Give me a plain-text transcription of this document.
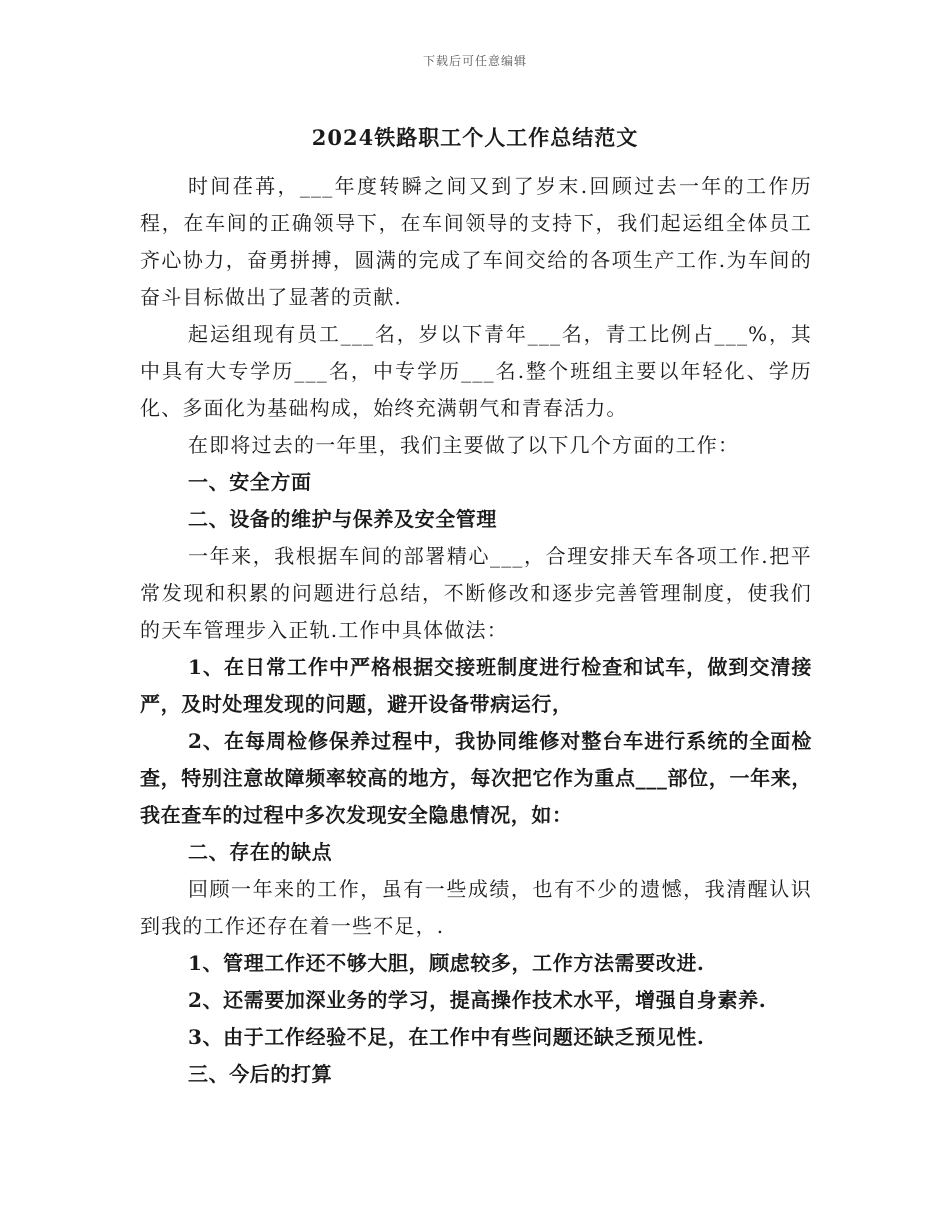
下载后可任意编辑
2024铁路职工个人工作总结范文

时间荏苒，___年度转瞬之间又到了岁末.回顾过去一年的工作历程，在车间的正确领导下，在车间领导的支持下，我们起运组全体员工齐心协力，奋勇拼搏，圆满的完成了车间交给的各项生产工作.为车间的奋斗目标做出了显著的贡献.

起运组现有员工___名，岁以下青年___名，青工比例占___%，其中具有大专学历___名，中专学历___名.整个班组主要以年轻化、学历化、多面化为基础构成，始终充满朝气和青春活力。

在即将过去的一年里，我们主要做了以下几个方面的工作：

一、安全方面

二、设备的维护与保养及安全管理

一年来，我根据车间的部署精心___，合理安排天车各项工作.把平常发现和积累的问题进行总结，不断修改和逐步完善管理制度，使我们的天车管理步入正轨.工作中具体做法：

1、在日常工作中严格根据交接班制度进行检查和试车，做到交清接严，及时处理发现的问题，避开设备带病运行，

2、在每周检修保养过程中，我协同维修对整台车进行系统的全面检查，特别注意故障频率较高的地方，每次把它作为重点___部位，一年来，我在查车的过程中多次发现安全隐患情况，如：

二、存在的缺点

回顾一年来的工作，虽有一些成绩，也有不少的遗憾，我清醒认识到我的工作还存在着一些不足，.

1、管理工作还不够大胆，顾虑较多，工作方法需要改进.

2、还需要加深业务的学习，提高操作技术水平，增强自身素养.

3、由于工作经验不足，在工作中有些问题还缺乏预见性.

三、今后的打算
